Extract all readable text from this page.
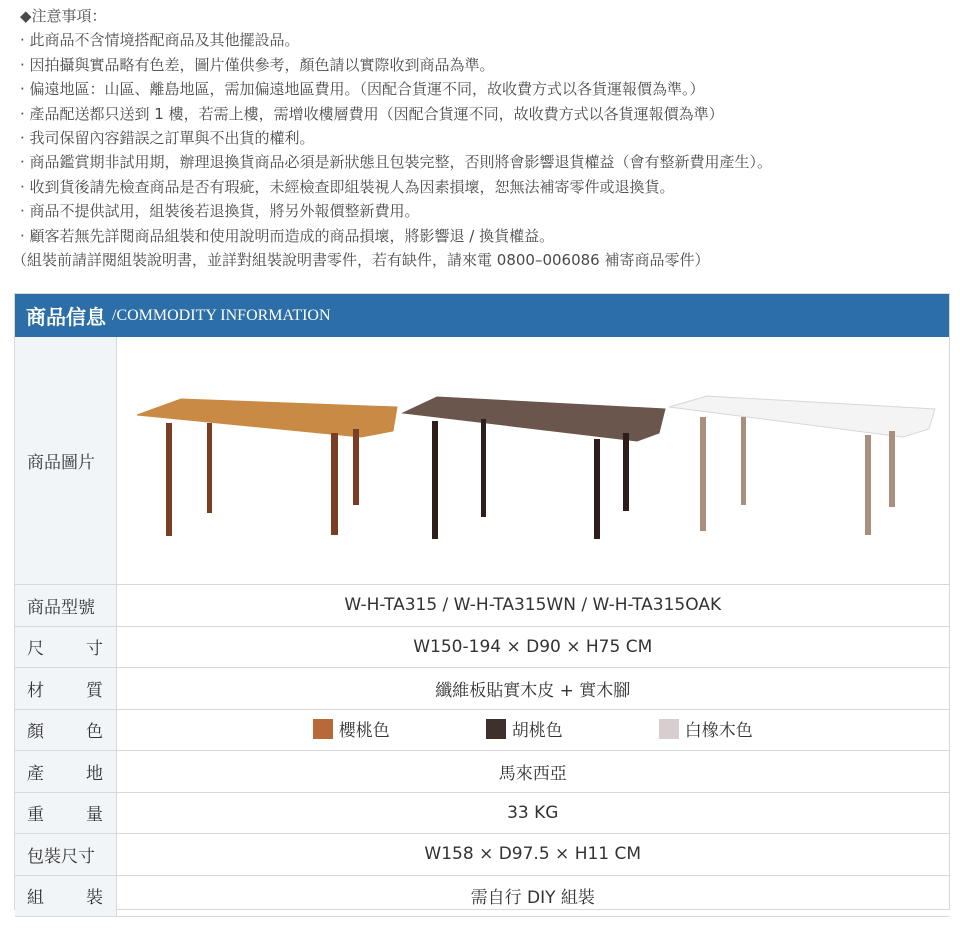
◆注意事項：
‧ 此商品不含情境搭配商品及其他擺設品。
‧ 因拍攝與實品略有色差，圖片僅供參考，顏色請以實際收到商品為準。
‧ 偏遠地區：山區、離島地區，需加偏遠地區費用。（因配合貨運不同，故收費方式以各貨運報價為準。）
‧ 產品配送都只送到 1 樓，若需上樓，需增收樓層費用（因配合貨運不同，故收費方式以各貨運報價為準）
‧ 我司保留內容錯誤之訂單與不出貨的權利。
‧ 商品鑑賞期非試用期，辦理退換貨商品必須是新狀態且包裝完整，否則將會影響退貨權益（會有整新費用產生）。
‧ 收到貨後請先檢查商品是否有瑕疵，未經檢查即組裝視人為因素損壞，恕無法補寄零件或退換貨。
‧ 商品不提供試用，組裝後若退換貨，將另外報價整新費用。
‧ 顧客若無先詳閱商品組裝和使用說明而造成的商品損壞，將影響退 / 換貨權益。
（組裝前請詳閱組裝說明書，並詳對組裝說明書零件，若有缺件，請來電 0800–006086 補寄商品零件）
商品信息 /COMMODITY INFORMATION
商品圖片	
商品型號	W-H-TA315 / W-H-TA315WN / W-H-TA315OAK

尺 寸	W150-194 × D90 × H75 CM

材 質	纖維板貼實木皮 + 實木腳

顏 色	櫻桃色 胡桃色 白橡木色

產 地	馬來西亞

重 量	33 KG
包裝尺寸	W158 × D97.5 × H11 CM

組 裝	需自行 DIY 組裝
